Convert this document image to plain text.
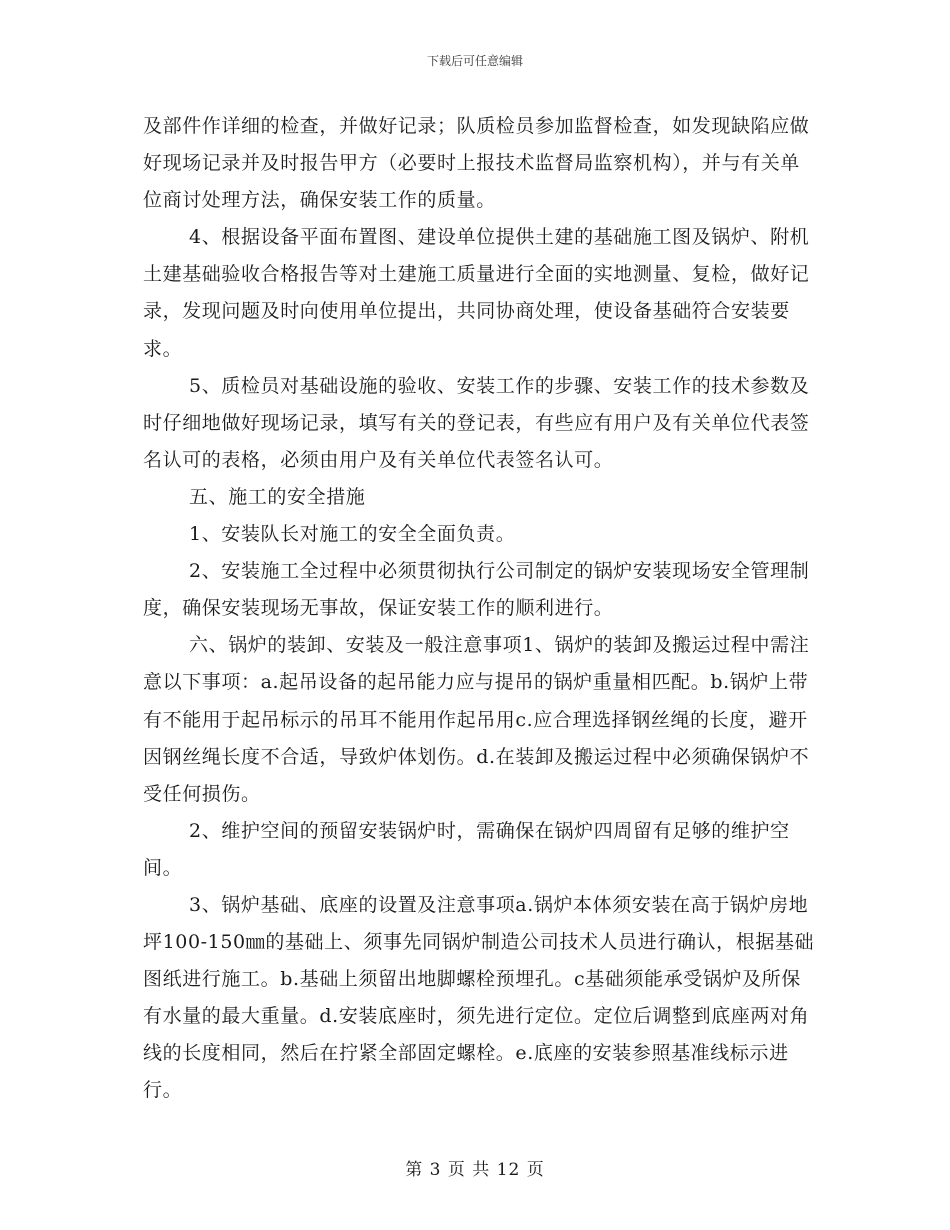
下载后可任意编辑

及部件作详细的检查，并做好记录；队质检员参加监督检查，如发现缺陷应做好现场记录并及时报告甲方（必要时上报技术监督局监察机构），并与有关单位商讨处理方法，确保安装工作的质量。

4、根据设备平面布置图、建设单位提供土建的基础施工图及锅炉、附机土建基础验收合格报告等对土建施工质量进行全面的实地测量、复检，做好记录，发现问题及时向使用单位提出，共同协商处理，使设备基础符合安装要求。

5、质检员对基础设施的验收、安装工作的步骤、安装工作的技术参数及时仔细地做好现场记录，填写有关的登记表，有些应有用户及有关单位代表签名认可的表格，必须由用户及有关单位代表签名认可。

五、施工的安全措施

1、安装队长对施工的安全全面负责。

2、安装施工全过程中必须贯彻执行公司制定的锅炉安装现场安全管理制度，确保安装现场无事故，保证安装工作的顺利进行。

六、锅炉的装卸、安装及一般注意事项1、锅炉的装卸及搬运过程中需注意以下事项：a.起吊设备的起吊能力应与提吊的锅炉重量相匹配。b.锅炉上带有不能用于起吊标示的吊耳不能用作起吊用c.应合理选择钢丝绳的长度，避开因钢丝绳长度不合适，导致炉体划伤。d.在装卸及搬运过程中必须确保锅炉不受任何损伤。

2、维护空间的预留安装锅炉时，需确保在锅炉四周留有足够的维护空间。

3、锅炉基础、底座的设置及注意事项a.锅炉本体须安装在高于锅炉房地坪100-150㎜的基础上、须事先同锅炉制造公司技术人员进行确认，根据基础图纸进行施工。b.基础上须留出地脚螺栓预埋孔。c基础须能承受锅炉及所保有水量的最大重量。d.安装底座时，须先进行定位。定位后调整到底座两对角线的长度相同，然后在拧紧全部固定螺栓。e.底座的安装参照基准线标示进行。

第 3 页 共 12 页
